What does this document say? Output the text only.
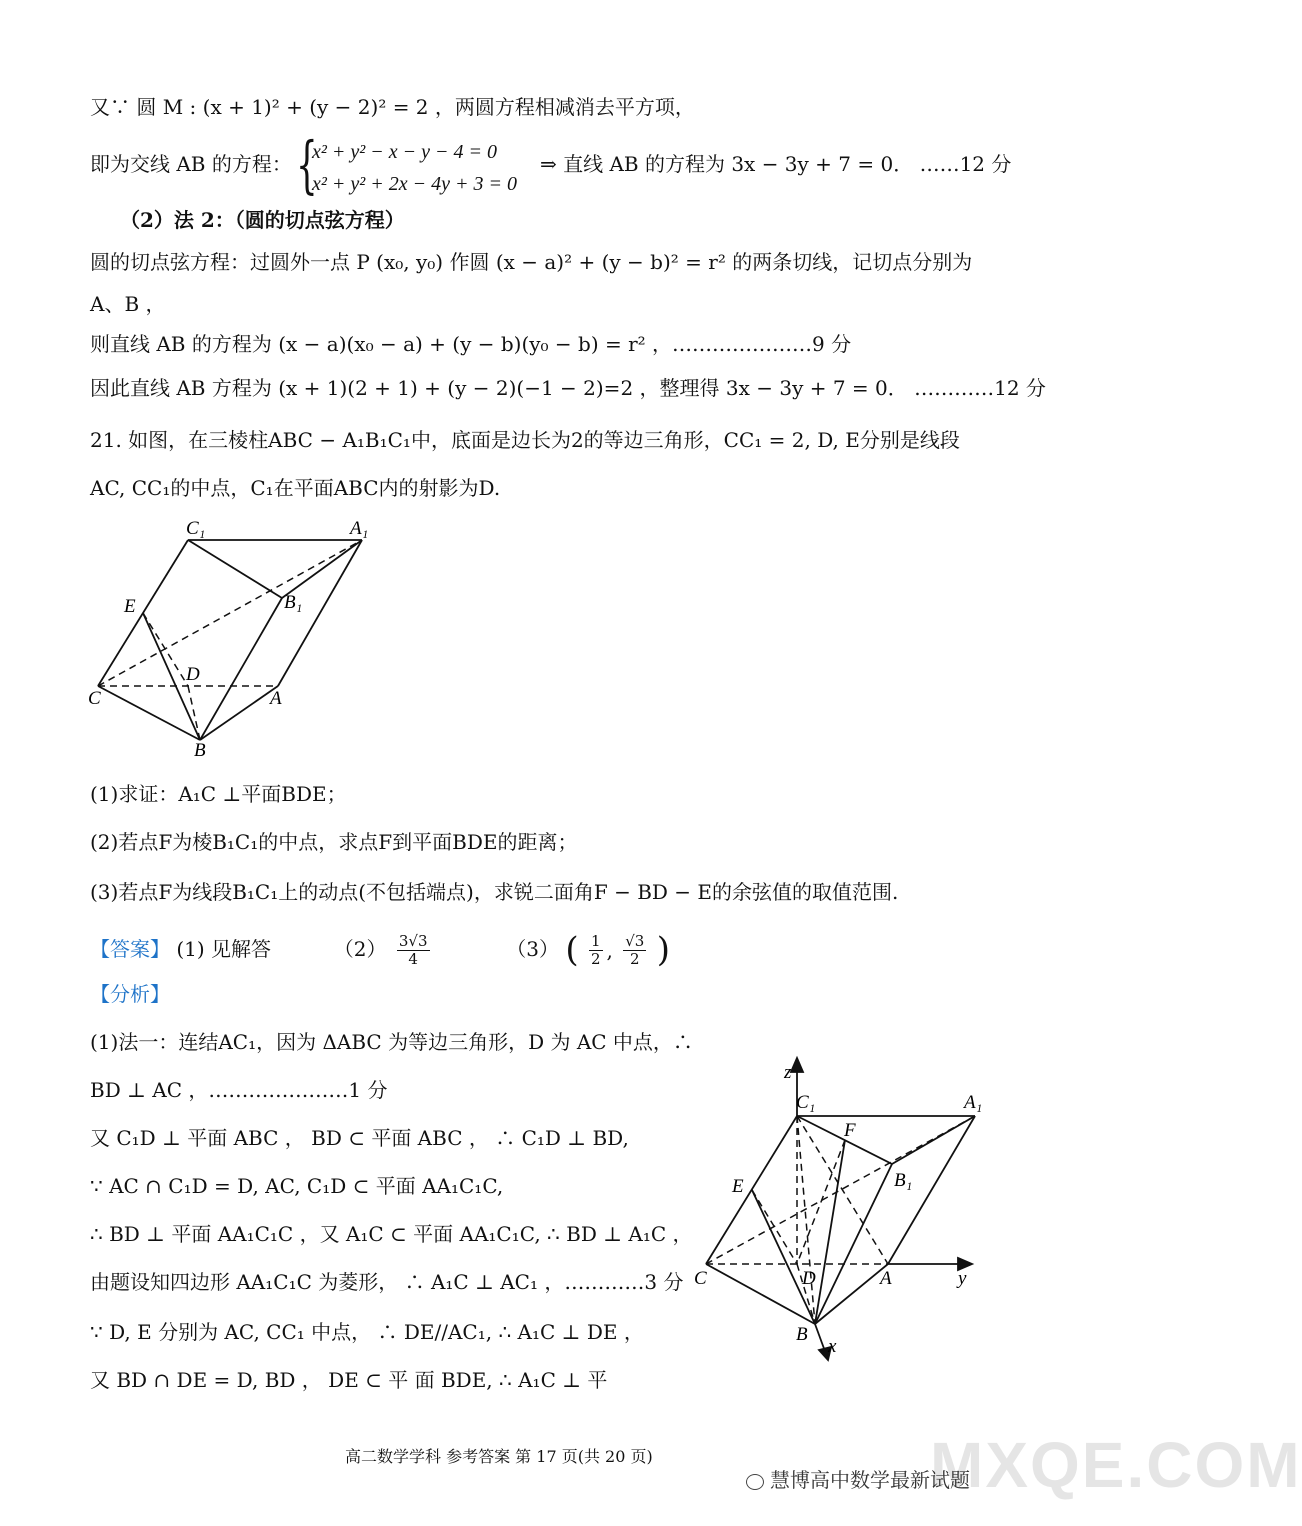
又∵ 圆 M : (x + 1)² + (y − 2)² = 2 ，两圆方程相减消去平方项，
即为交线 AB 的方程： {
x² + y² − x − y − 4 = 0
x² + y² + 2x − 4y + 3 = 0
⇒ 直线 AB 的方程为 3x − 3y + 7 = 0． ……12 分
（2）法 2：（圆的切点弦方程）
圆的切点弦方程：过圆外一点 P (x₀, y₀) 作圆 (x − a)² + (y − b)² = r² 的两条切线，记切点分别为
A、B ，
则直线 AB 的方程为 (x − a)(x₀ − a) + (y − b)(y₀ − b) = r² ，…………………9 分
因此直线 AB 方程为 (x + 1)(2 + 1) + (y − 2)(−1 − 2)=2 ，整理得 3x − 3y + 7 = 0． …………12 分
21. 如图，在三棱柱ABC − A₁B₁C₁中，底面是边长为2的等边三角形，CC₁ = 2, D, E分别是线段
AC, CC₁的中点，C₁在平面ABC内的射影为D.
C₁	A₁
B₁
E
D
C	A
B
(1)求证：A₁C ⊥平面BDE；
(2)若点F为棱B₁C₁的中点，求点F到平面BDE的距离；
(3)若点F为线段B₁C₁上的动点(不包括端点)，求锐二面角F − BD − E的余弦值的取值范围.
【答案】 (1) 见解答	$(2) \frac{3√3}{4}$	（3） ( $\frac{1}{2}$ , $\frac{√3}{2}$ )
【分析】
(1)法一：连结AC₁，因为 ΔABC 为等边三角形，D 为 AC 中点，∴
BD ⊥ AC ，…………………1 分
又 C₁D ⊥ 平面 ABC ， BD ⊂ 平面 ABC ， ∴ C₁D ⊥ BD,
∵ AC ∩ C₁D = D, AC, C₁D ⊂ 平面 AA₁C₁C,
∴ BD ⊥ 平面 AA₁C₁C ，又 A₁C ⊂ 平面 AA₁C₁C, ∴ BD ⊥ A₁C ，
由题设知四边形 AA₁C₁C 为菱形， ∴ A₁C ⊥ AC₁ ，…………3 分
∵ D, E 分别为 AC, CC₁ 中点， ∴ DE//AC₁, ∴ A₁C ⊥ DE ，
又 BD ∩ DE = D, BD ， DE ⊂ 平 面 BDE, ∴ A₁C ⊥ 平
z
C₁	A₁
F
B₁
E
C	D	A	y
B
x
高二数学学科 参考答案 第 17 页(共 20 页)	MXQE.COM
慧博高中数学最新试题
